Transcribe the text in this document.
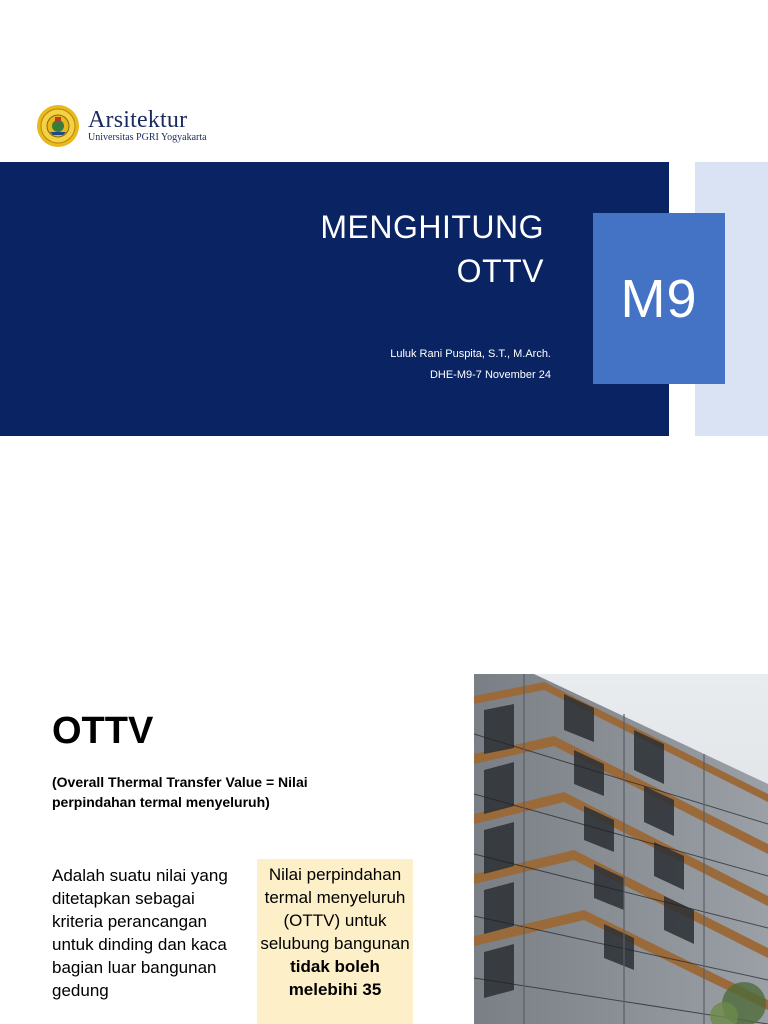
Arsitektur
Universitas PGRI Yogyakarta
MENGHITUNG
OTTV
Luluk Rani Puspita, S.T., M.Arch.
DHE-M9-7 November 24
M9
OTTV
(Overall Thermal Transfer Value = Nilai perpindahan termal menyeluruh)
Adalah suatu nilai yang ditetapkan sebagai kriteria perancangan untuk dinding dan kaca bagian luar bangunan gedung
Nilai perpindahan termal menyeluruh (OTTV) untuk selubung bangunan tidak boleh melebihi 35
